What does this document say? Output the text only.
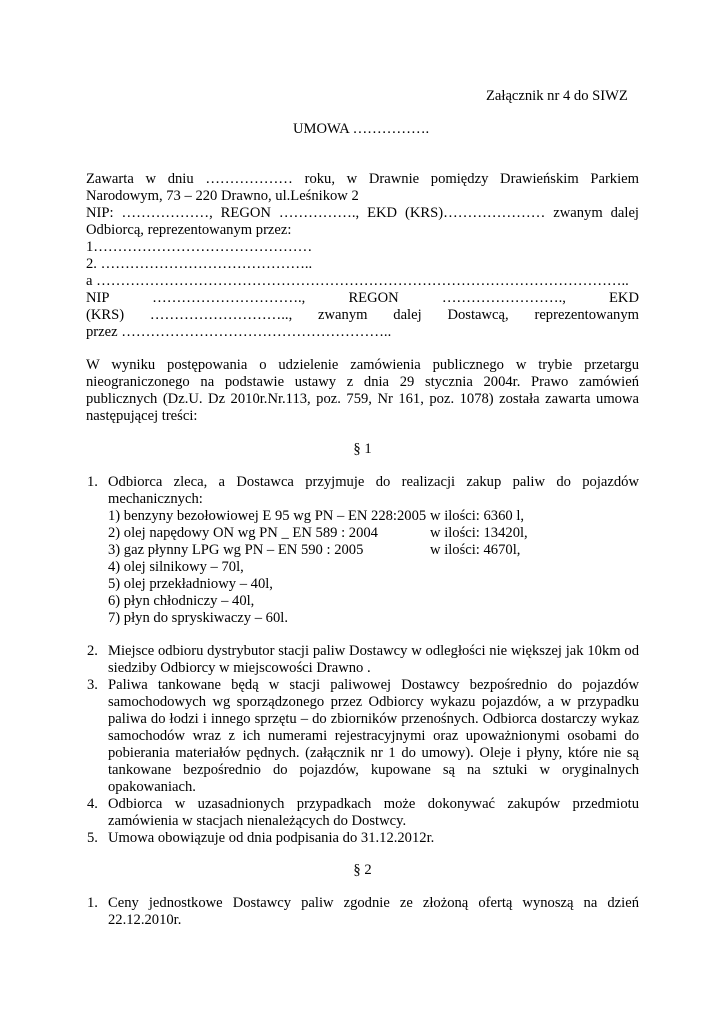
Załącznik nr 4 do SIWZ
UMOWA …………….
Zawarta w dniu ……………… roku, w Drawnie pomiędzy Drawieńskim Parkiem
Narodowym, 73 – 220 Drawno, ul.Leśnikow 2
NIP: ………………, REGON ……………., EKD (KRS)………………… zwanym dalej
Odbiorcą, reprezentowanym przez:
1………………………………………
2. ……………………………………..
a ………………………………………………………………………………………………..
NIP …………………………., REGON ……………………., EKD
(KRS) ……………………….., zwanym dalej Dostawcą, reprezentowanym
przez ………………………………………………..
W wyniku postępowania o udzielenie zamówienia publicznego w trybie przetargu
nieograniczonego na podstawie ustawy z dnia 29 stycznia 2004r. Prawo zamówień
publicznych (Dz.U. Dz 2010r.Nr.113, poz. 759, Nr 161, poz. 1078) została zawarta umowa
następującej treści:
§ 1
1. Odbiorca zleca, a Dostawca przyjmuje do realizacji zakup paliw do pojazdów
mechanicznych:
1) benzyny bezołowiowej E 95 wg PN – EN 228:2005 w ilości: 6360 l,
2) olej napędowy ON wg PN _ EN 589 : 2004	w ilości: 13420l,
3) gaz płynny LPG wg PN – EN 590 : 2005	w ilości: 4670l,
4) olej silnikowy – 70l,
5) olej przekładniowy – 40l,
6) płyn chłodniczy – 40l,
7) płyn do spryskiwaczy – 60l.
2. Miejsce odbioru dystrybutor stacji paliw Dostawcy w odległości nie większej jak 10km od
siedziby Odbiorcy w miejscowości Drawno .
3. Paliwa tankowane będą w stacji paliwowej Dostawcy bezpośrednio do pojazdów
samochodowych wg sporządzonego przez Odbiorcy wykazu pojazdów, a w przypadku
paliwa do łodzi i innego sprzętu – do zbiorników przenośnych. Odbiorca dostarczy wykaz
samochodów wraz z ich numerami rejestracyjnymi oraz upoważnionymi osobami do
pobierania materiałów pędnych. (załącznik nr 1 do umowy). Oleje i płyny, które nie są
tankowane bezpośrednio do pojazdów, kupowane są na sztuki w oryginalnych
opakowaniach.
4. Odbiorca w uzasadnionych przypadkach może dokonywać zakupów przedmiotu
zamówienia w stacjach nienależących do Dostwcy.
5. Umowa obowiązuje od dnia podpisania do 31.12.2012r.
§ 2
1. Ceny jednostkowe Dostawcy paliw zgodnie ze złożoną ofertą wynoszą na dzień
22.12.2010r.
